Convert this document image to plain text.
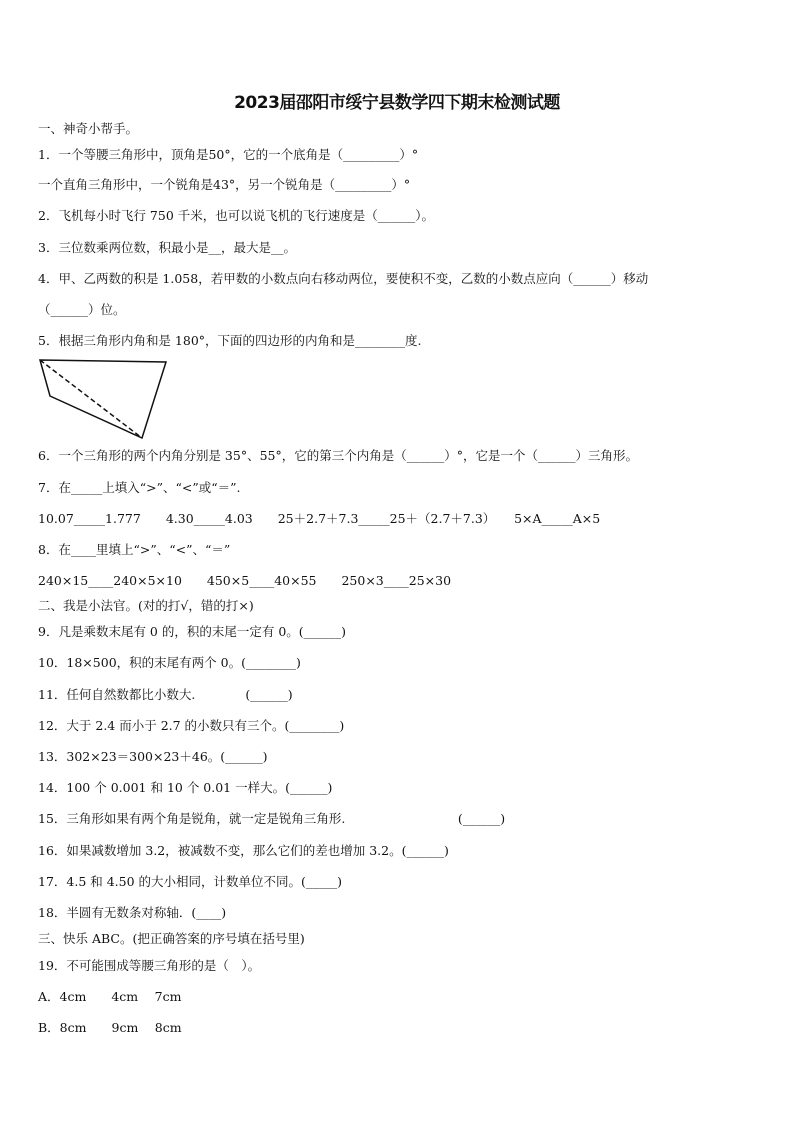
2023届邵阳市绥宁县数学四下期末检测试题
一、神奇小帮手。
1．一个等腰三角形中，顶角是50°，它的一个底角是（_________）°
一个直角三角形中，一个锐角是43°，另一个锐角是（_________）°
2．飞机每小时飞行 750 千米，也可以说飞机的飞行速度是（______）。
3．三位数乘两位数，积最小是__，最大是__。
4．甲、乙两数的积是 1.058，若甲数的小数点向右移动两位，要使积不变，乙数的小数点应向（______）移动
（______）位。
5．根据三角形内角和是 180°，下面的四边形的内角和是________度.
6．一个三角形的两个内角分别是 35°、55°，它的第三个内角是（______）°，它是一个（______）三角形。
7．在_____上填入“>”、“<”或“＝”.
10.07_____1.777　　4.30_____4.03　　25＋2.7＋7.3_____25＋（2.7＋7.3）　　5×A_____A×5
8．在____里填上“>”、“<”、“＝”
240×15____240×5×10　　450×5____40×55　　250×3____25×30
二、我是小法官。(对的打√，错的打×)
9．凡是乘数末尾有 0 的，积的末尾一定有 0。(______)
10．18×500，积的末尾有两个 0。(________)
11．任何自然数都比小数大.　　　　(______)
12．大于 2.4 而小于 2.7 的小数只有三个。(________)
13．302×23＝300×23＋46。(______)
14．100 个 0.001 和 10 个 0.01 一样大。(______)
15．三角形如果有两个角是锐角，就一定是锐角三角形.　　　　　　　　　(______)
16．如果减数增加 3.2，被减数不变，那么它们的差也增加 3.2。(______)
17．4.5 和 4.50 的大小相同，计数单位不同。(_____)
18．半圆有无数条对称轴．(____)
三、快乐 ABC。(把正确答案的序号填在括号里)
19．不可能围成等腰三角形的是（　）。
A．4cm　　4cm　 7cm
B．8cm　　9cm　 8cm
